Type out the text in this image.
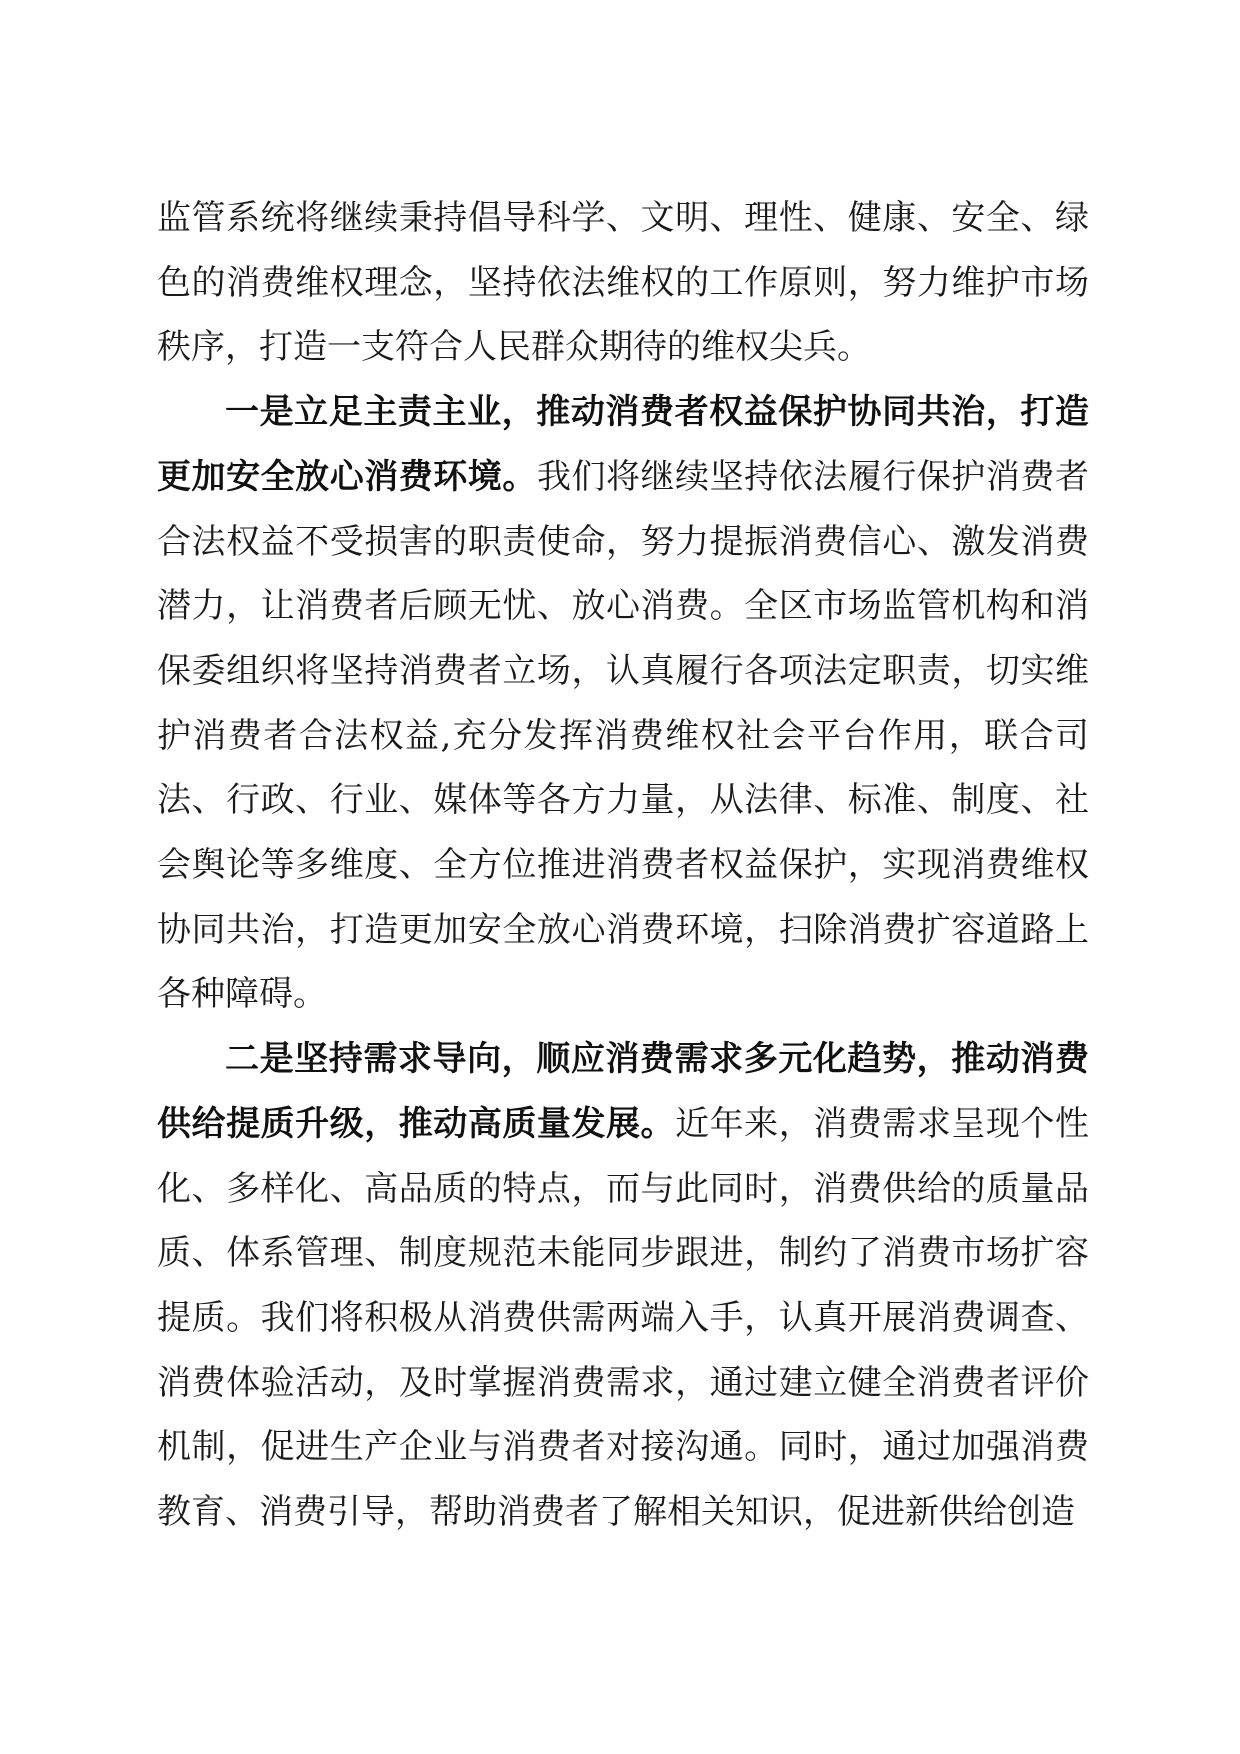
监管系统将继续秉持倡导科学、文明、理性、健康、安全、绿色的消费维权理念，坚持依法维权的工作原则，努力维护市场秩序，打造一支符合人民群众期待的维权尖兵。

一是立足主责主业，推动消费者权益保护协同共治，打造更加安全放心消费环境。我们将继续坚持依法履行保护消费者合法权益不受损害的职责使命，努力提振消费信心、激发消费潜力，让消费者后顾无忧、放心消费。全区市场监管机构和消保委组织将坚持消费者立场，认真履行各项法定职责，切实维护消费者合法权益,充分发挥消费维权社会平台作用，联合司法、行政、行业、媒体等各方力量，从法律、标准、制度、社会舆论等多维度、全方位推进消费者权益保护，实现消费维权协同共治，打造更加安全放心消费环境，扫除消费扩容道路上各种障碍。

二是坚持需求导向，顺应消费需求多元化趋势，推动消费供给提质升级，推动高质量发展。近年来，消费需求呈现个性化、多样化、高品质的特点，而与此同时，消费供给的质量品质、体系管理、制度规范未能同步跟进，制约了消费市场扩容提质。我们将积极从消费供需两端入手，认真开展消费调查、消费体验活动，及时掌握消费需求，通过建立健全消费者评价机制，促进生产企业与消费者对接沟通。同时，通过加强消费教育、消费引导，帮助消费者了解相关知识，促进新供给创造
